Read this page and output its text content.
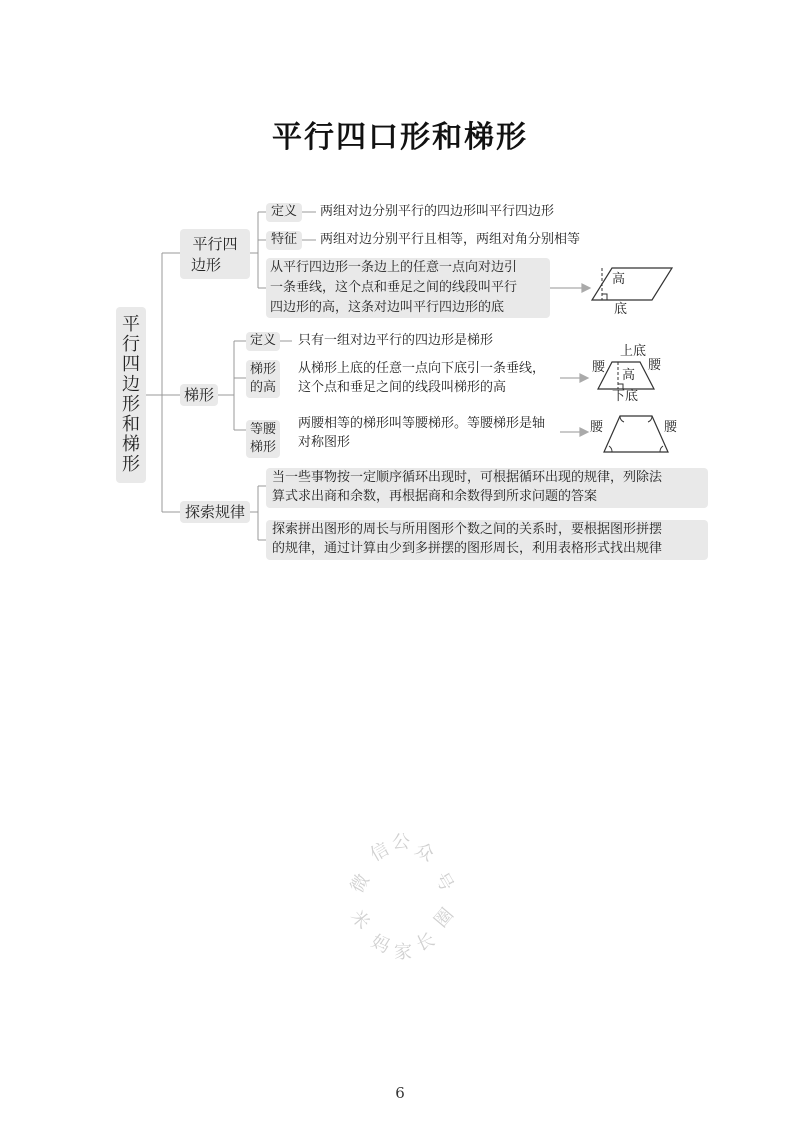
平行四口形和梯形
平
行
四
边
形
和
梯
形
平行四
边形
定义	两组对边分别平行的四边形叫平行四边形
特征	两组对边分别平行且相等，两组对角分别相等
从平行四边形一条边上的任意一点向对边引
一条垂线，这个点和垂足之间的线段叫平行
四边形的高，这条对边叫平行四边形的底
高
底
梯形
定义	只有一组对边平行的四边形是梯形
梯形
的高
从梯形上底的任意一点向下底引一条垂线，
这个点和垂足之间的线段叫梯形的高
上底
腰	腰
高
下底
等腰
梯形
两腰相等的梯形叫等腰梯形。等腰梯形是轴
对称图形
腰	腰
探索规律
当一些事物按一定顺序循环出现时，可根据循环出现的规律，列除法
算式求出商和余数，再根据商和余数得到所求问题的答案
探索拼出图形的周长与所用图形个数之间的关系时，要根据图形拼摆
的规律，通过计算由少到多拼摆的图形周长，利用表格形式找出规律
微
信 公 众
号
米
妈 家 长
圈
6
